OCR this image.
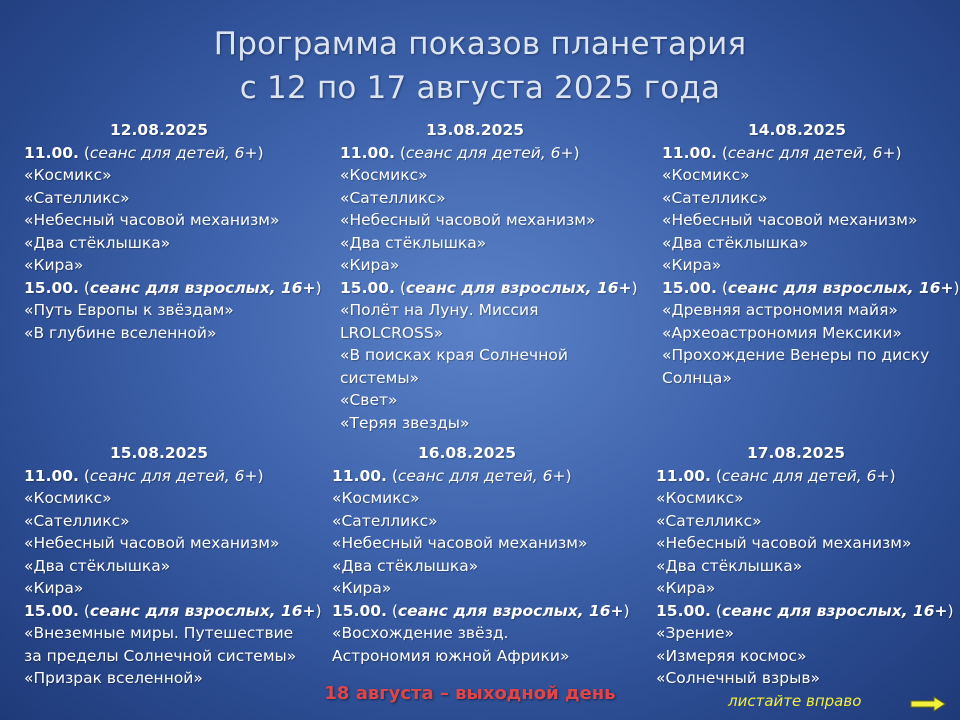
Программа показов планетария
с 12 по 17 августа 2025 года
12.08.2025
11.00. (сеанс для детей, 6+)
«Космикс»
«Сателликс»
«Небесный часовой механизм»
«Два стёклышка»
«Кира»
15.00. (сеанс для взрослых, 16+)
«Путь Европы к звёздам»
«В глубине вселенной»
13.08.2025
11.00. (сеанс для детей, 6+)
«Космикс»
«Сателликс»
«Небесный часовой механизм»
«Два стёклышка»
«Кира»
15.00. (сеанс для взрослых, 16+)
«Полёт на Луну. Миссия
LROLCROSS»
«В поисках края Солнечной
системы»
«Свет»
«Теряя звезды»
14.08.2025
11.00. (сеанс для детей, 6+)
«Космикс»
«Сателликс»
«Небесный часовой механизм»
«Два стёклышка»
«Кира»
15.00. (сеанс для взрослых, 16+)
«Древняя астрономия майя»
«Археоастрономия Мексики»
«Прохождение Венеры по диску
Солнца»
15.08.2025
11.00. (сеанс для детей, 6+)
«Космикс»
«Сателликс»
«Небесный часовой механизм»
«Два стёклышка»
«Кира»
15.00. (сеанс для взрослых, 16+)
«Внеземные миры. Путешествие
за пределы Солнечной системы»
«Призрак вселенной»
16.08.2025
11.00. (сеанс для детей, 6+)
«Космикс»
«Сателликс»
«Небесный часовой механизм»
«Два стёклышка»
«Кира»
15.00. (сеанс для взрослых, 16+)
«Восхождение звёзд.
Астрономия южной Африки»
17.08.2025
11.00. (сеанс для детей, 6+)
«Космикс»
«Сателликс»
«Небесный часовой механизм»
«Два стёклышка»
«Кира»
15.00. (сеанс для взрослых, 16+)
«Зрение»
«Измеряя космос»
«Солнечный взрыв»
18 августа – выходной день	листайте вправо
